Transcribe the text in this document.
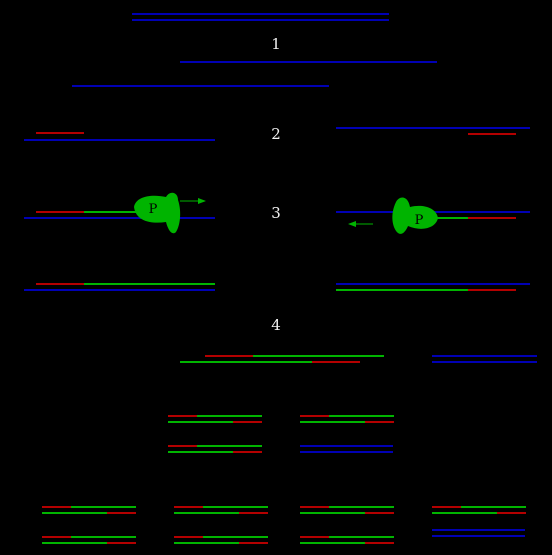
1
2
3
P
P
4
